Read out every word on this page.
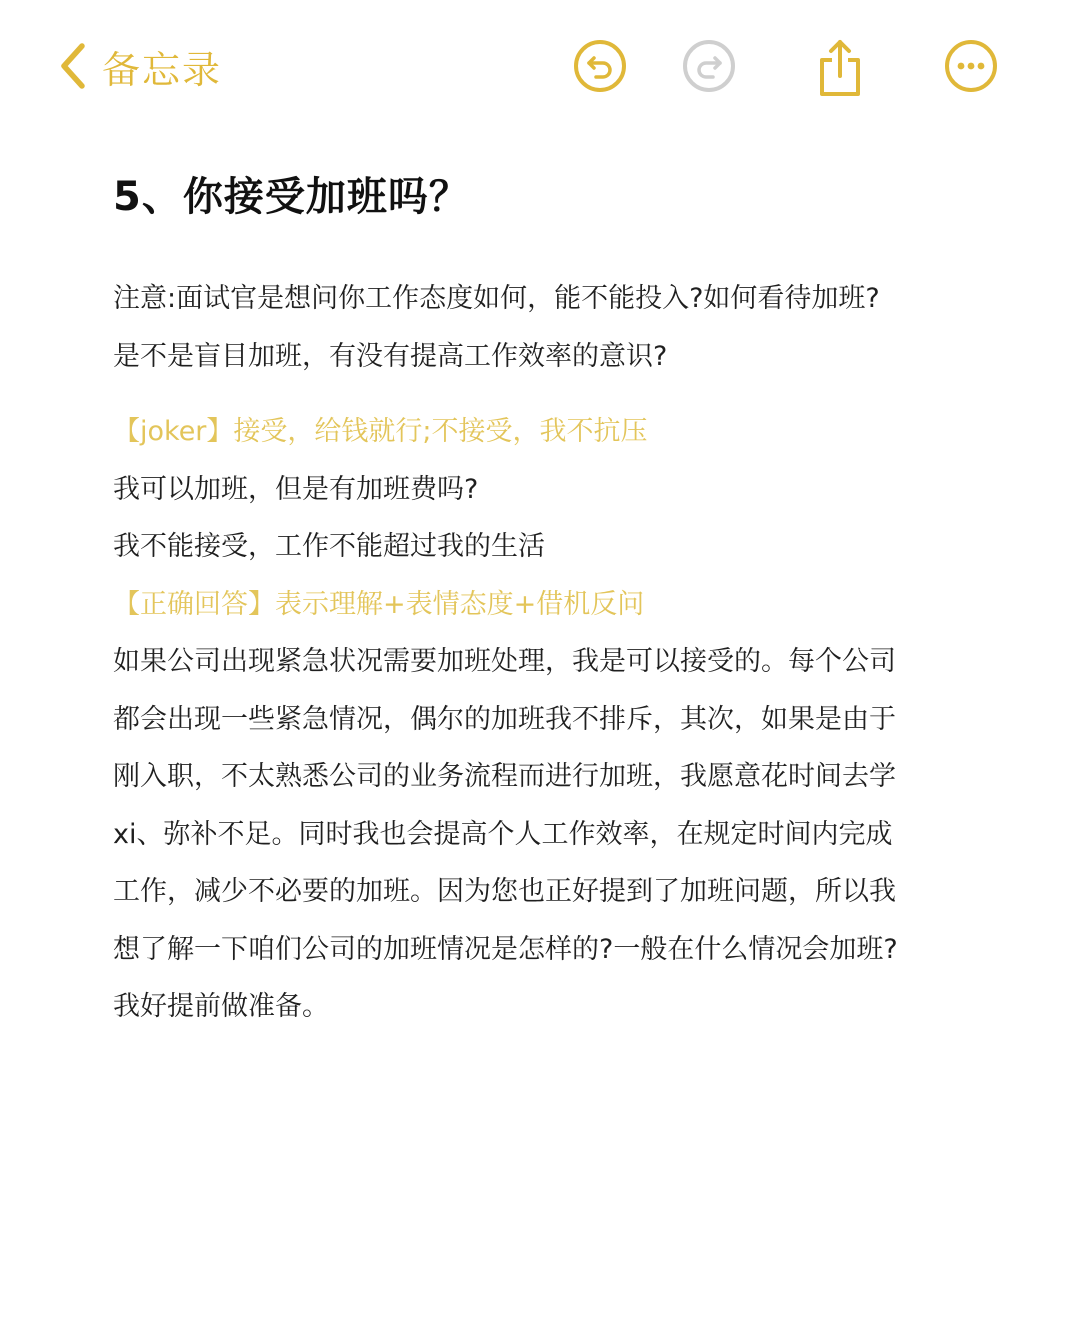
备忘录
5、你接受加班吗？
注意:面试官是想问你工作态度如何，能不能投入?如何看待加班?
是不是盲目加班，有没有提高工作效率的意识?
【joker】接受，给钱就行;不接受，我不抗压
我可以加班，但是有加班费吗?
我不能接受，工作不能超过我的生活
【正确回答】表示理解+表情态度+借机反问
如果公司出现紧急状况需要加班处理，我是可以接受的。每个公司
都会出现一些紧急情况，偶尔的加班我不排斥，其次，如果是由于
刚入职，不太熟悉公司的业务流程而进行加班，我愿意花时间去学
xi、弥补不足。同时我也会提高个人工作效率，在规定时间内完成
工作，减少不必要的加班。因为您也正好提到了加班问题，所以我
想了解一下咱们公司的加班情况是怎样的?一般在什么情况会加班?
我好提前做准备。
